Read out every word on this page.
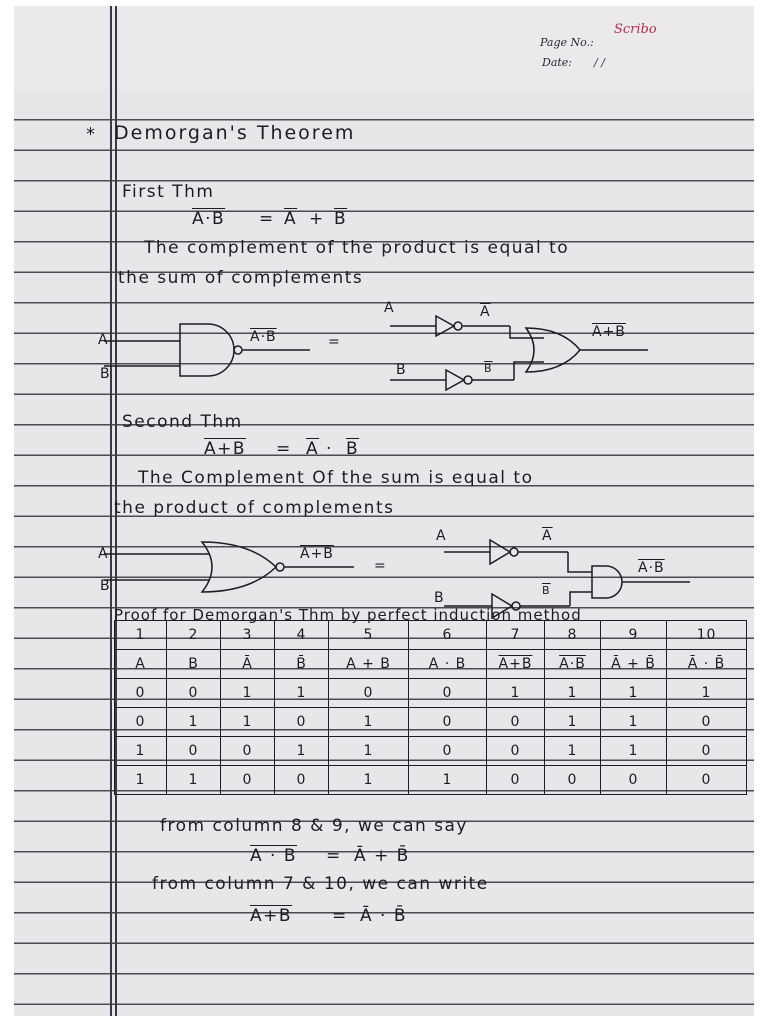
Scribo
Page No.:
Date: / /
* Demorgan's Theorem
First Thm
$A\cdot B = \overline{A} + \overline{B}$
The complement of the product is equal to
the sum of complements
A
B
A·B	=
A	$\overline{A}$
B	$\overline{B}$
A+B
Second Thm
$A+B = \overline{A} \cdot \overline{B}$
The Complement Of the sum is equal to
the product of complements
A
B
A+B
=
A	$\overline{A}$
B	$\overline{B}$
A·B
Proof for Demorgan's Thm by perfect induction method
1	2	3	4	5	6	7	8	9	10
A	B	Ā	B̄	A + B	A · B	A+B	A·B	Ā + B̄	Ā · B̄
0	0	1	1	0	0	1	1	1	1
0	1	1	0	1	0	0	1	1	0
1	0	0	1	1	0	0	1	1	0
1	1	0	0	1	1	0	0	0	0
from column 8 & 9, we can say
A · B = Ā + B̄
from column 7 & 10, we can write
A+B = Ā · B̄
